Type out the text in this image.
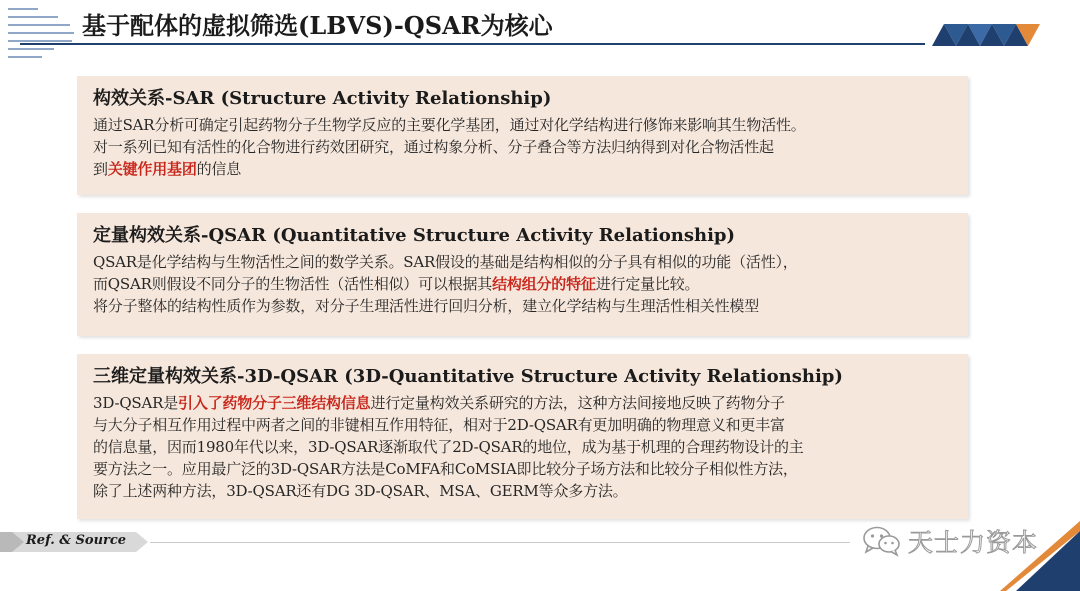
基于配体的虚拟筛选(LBVS)-QSAR为核心
构效关系-SAR (Structure Activity Relationship)
通过SAR分析可确定引起药物分子生物学反应的主要化学基团，通过对化学结构进行修饰来影响其生物活性。
对一系列已知有活性的化合物进行药效团研究，通过构象分析、分子叠合等方法归纳得到对化合物活性起
到关键作用基团的信息
定量构效关系-QSAR (Quantitative Structure Activity Relationship)
QSAR是化学结构与生物活性之间的数学关系。SAR假设的基础是结构相似的分子具有相似的功能（活性），
而QSAR则假设不同分子的生物活性（活性相似）可以根据其结构组分的特征进行定量比较。
将分子整体的结构性质作为参数，对分子生理活性进行回归分析，建立化学结构与生理活性相关性模型
三维定量构效关系-3D-QSAR (3D-Quantitative Structure Activity Relationship)
3D-QSAR是引入了药物分子三维结构信息进行定量构效关系研究的方法，这种方法间接地反映了药物分子
与大分子相互作用过程中两者之间的非键相互作用特征，相对于2D-QSAR有更加明确的物理意义和更丰富
的信息量，因而1980年代以来，3D-QSAR逐渐取代了2D-QSAR的地位，成为基于机理的合理药物设计的主
要方法之一。应用最广泛的3D-QSAR方法是CoMFA和CoMSIA即比较分子场方法和比较分子相似性方法，
除了上述两种方法，3D-QSAR还有DG 3D-QSAR、MSA、GERM等众多方法。
Ref. & Source	天士力资本
